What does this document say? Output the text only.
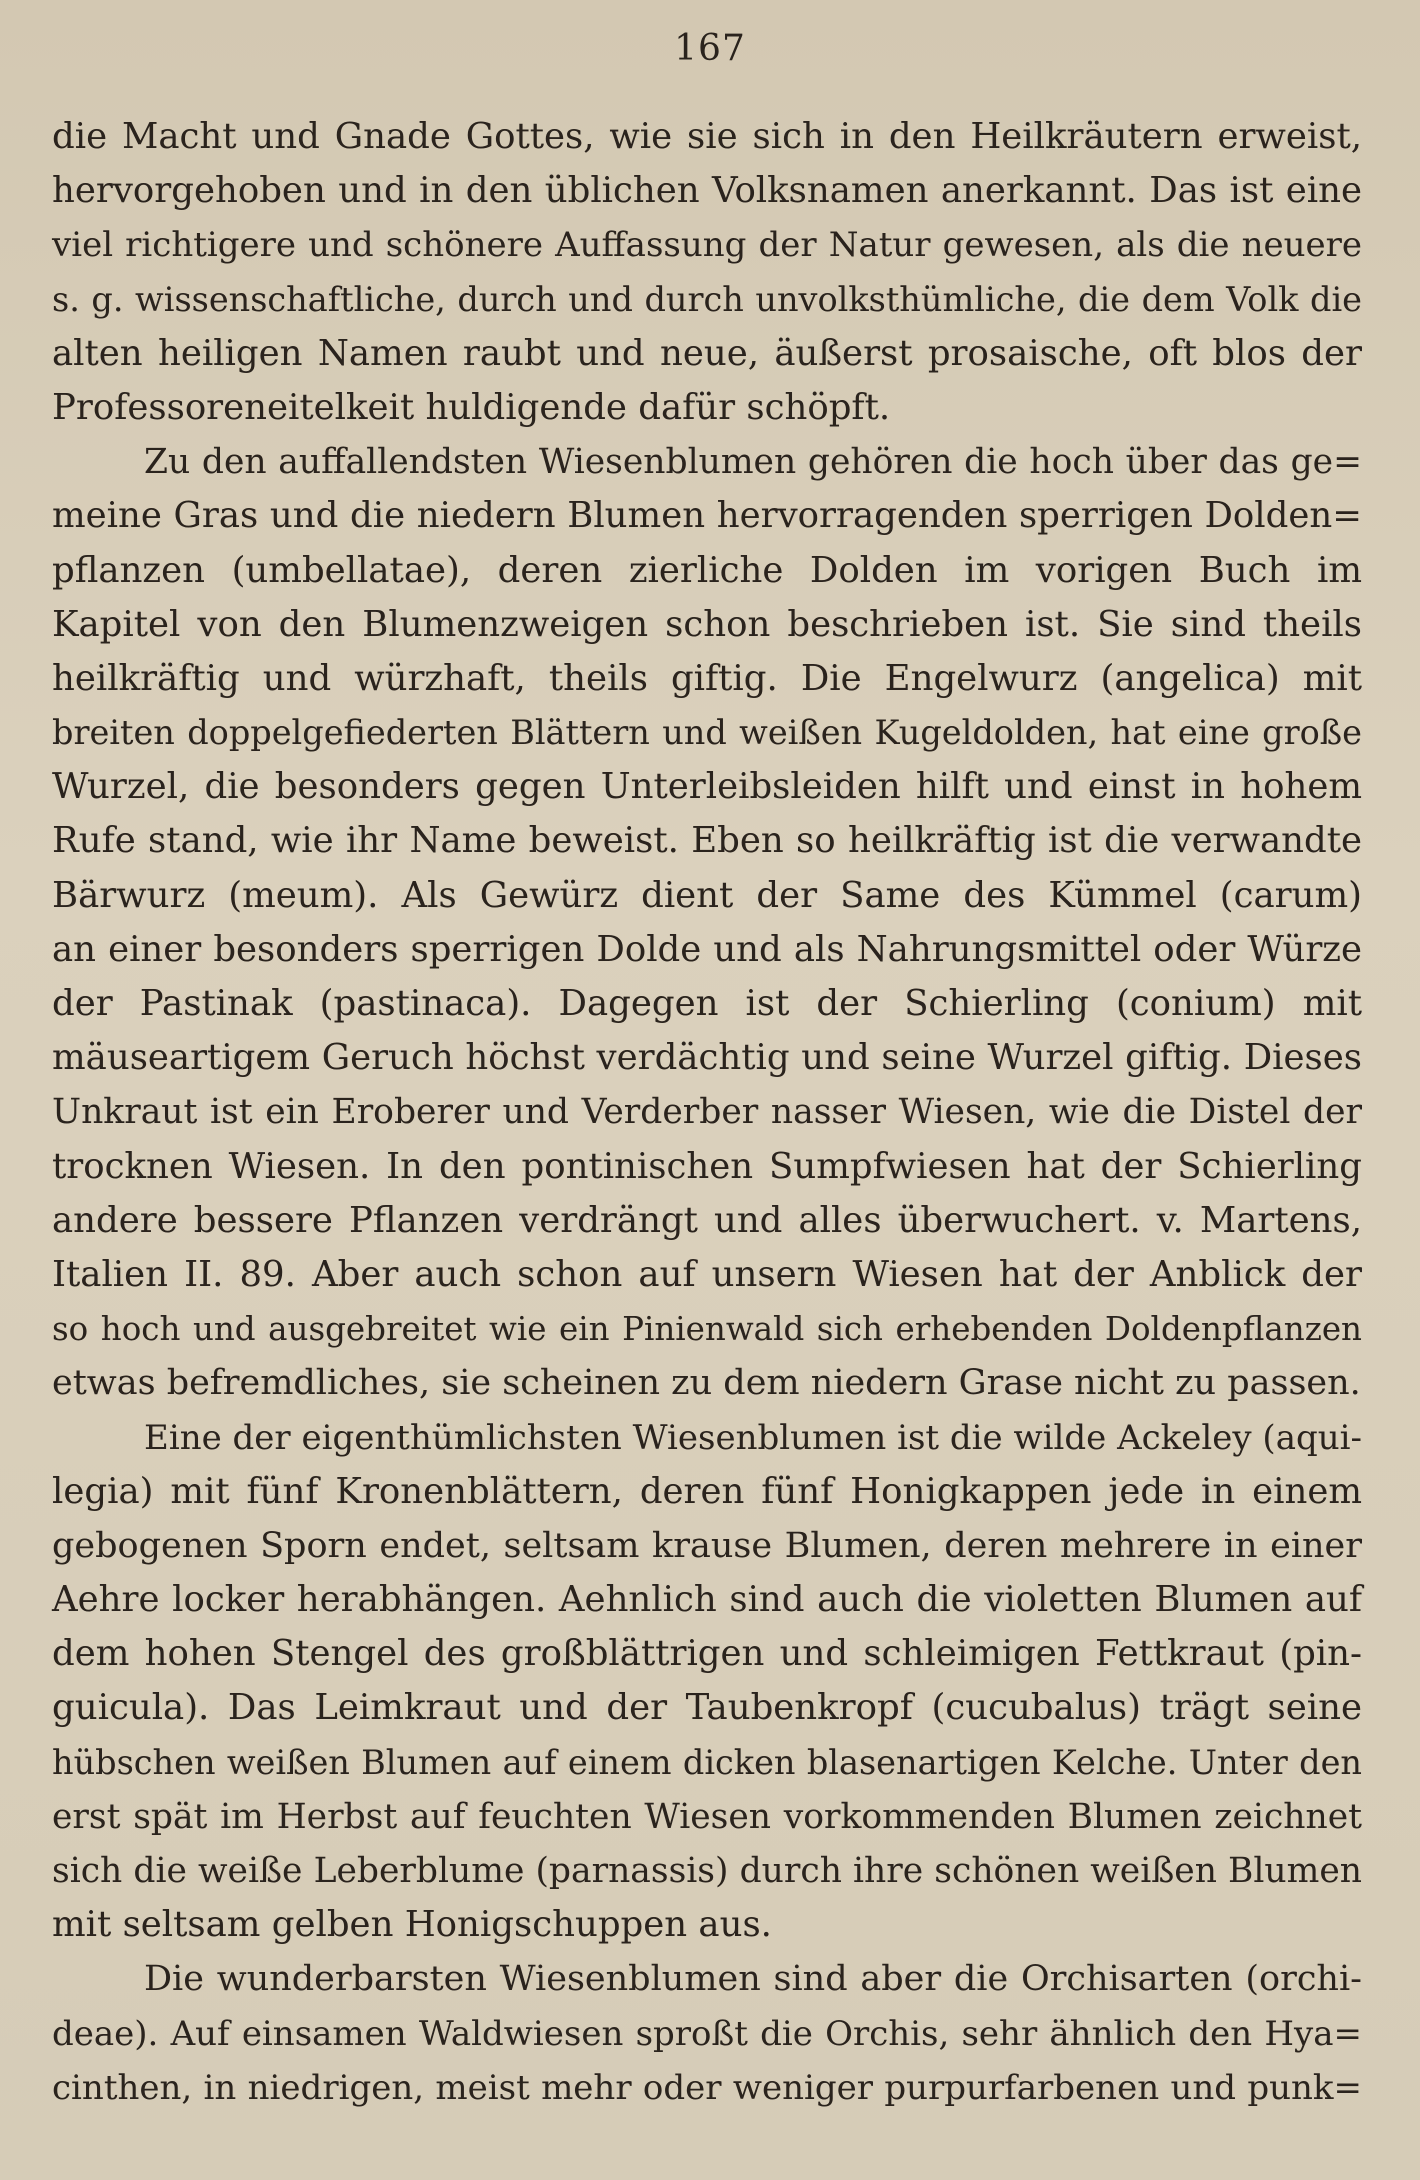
167
die Macht und Gnade Gottes, wie sie sich in den Heilkräutern erweist,
hervorgehoben und in den üblichen Volksnamen anerkannt. Das ist eine
viel richtigere und schönere Auffassung der Natur gewesen, als die neuere
s. g. wissenschaftliche, durch und durch unvolksthümliche, die dem Volk die
alten heiligen Namen raubt und neue, äußerst prosaische, oft blos der
Professoreneitelkeit huldigende dafür schöpft.
Zu den auffallendsten Wiesenblumen gehören die hoch über das ge=
meine Gras und die niedern Blumen hervorragenden sperrigen Dolden=
pflanzen (umbellatae), deren zierliche Dolden im vorigen Buch im
Kapitel von den Blumenzweigen schon beschrieben ist. Sie sind theils
heilkräftig und würzhaft, theils giftig. Die Engelwurz (angelica) mit
breiten doppelgefiederten Blättern und weißen Kugeldolden, hat eine große
Wurzel, die besonders gegen Unterleibsleiden hilft und einst in hohem
Rufe stand, wie ihr Name beweist. Eben so heilkräftig ist die verwandte
Bärwurz (meum). Als Gewürz dient der Same des Kümmel (carum)
an einer besonders sperrigen Dolde und als Nahrungsmittel oder Würze
der Pastinak (pastinaca). Dagegen ist der Schierling (conium) mit
mäuseartigem Geruch höchst verdächtig und seine Wurzel giftig. Dieses
Unkraut ist ein Eroberer und Verderber nasser Wiesen, wie die Distel der
trocknen Wiesen. In den pontinischen Sumpfwiesen hat der Schierling
andere bessere Pflanzen verdrängt und alles überwuchert. v. Martens,
Italien II. 89. Aber auch schon auf unsern Wiesen hat der Anblick der
so hoch und ausgebreitet wie ein Pinienwald sich erhebenden Doldenpflanzen
etwas befremdliches, sie scheinen zu dem niedern Grase nicht zu passen.
Eine der eigenthümlichsten Wiesenblumen ist die wilde Ackeley (aqui-
legia) mit fünf Kronenblättern, deren fünf Honigkappen jede in einem
gebogenen Sporn endet, seltsam krause Blumen, deren mehrere in einer
Aehre locker herabhängen. Aehnlich sind auch die violetten Blumen auf
dem hohen Stengel des großblättrigen und schleimigen Fettkraut (pin-
guicula). Das Leimkraut und der Taubenkropf (cucubalus) trägt seine
hübschen weißen Blumen auf einem dicken blasenartigen Kelche. Unter den
erst spät im Herbst auf feuchten Wiesen vorkommenden Blumen zeichnet
sich die weiße Leberblume (parnassis) durch ihre schönen weißen Blumen
mit seltsam gelben Honigschuppen aus.
Die wunderbarsten Wiesenblumen sind aber die Orchisarten (orchi-
deae). Auf einsamen Waldwiesen sproßt die Orchis, sehr ähnlich den Hya=
cinthen, in niedrigen, meist mehr oder weniger purpurfarbenen und punk=
